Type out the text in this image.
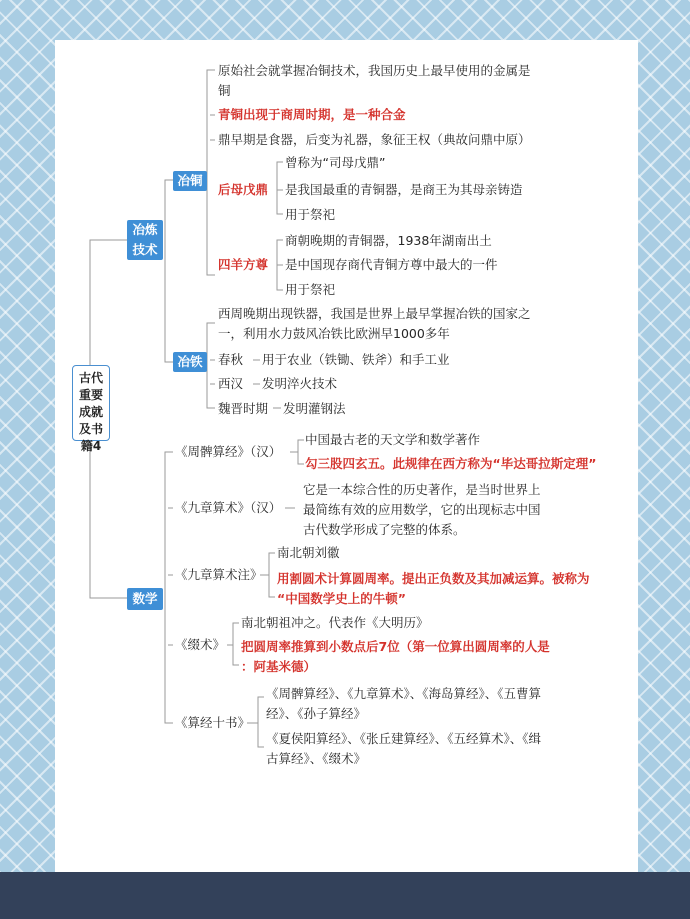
古代重要成就及书籍4
冶炼技术
数学
冶铜
原始社会就掌握冶铜技术，我国历史上最早使用的金属是
铜
青铜出现于商周时期，是一种合金
鼎早期是食器，后变为礼器，象征王权（典故问鼎中原）
后母戊鼎
曾称为“司母戊鼎”
是我国最重的青铜器，是商王为其母亲铸造
用于祭祀
四羊方尊
商朝晚期的青铜器，1938年湖南出土
是中国现存商代青铜方尊中最大的一件
用于祭祀
冶铁
西周晚期出现铁器，我国是世界上最早掌握冶铁的国家之
一，利用水力鼓风冶铁比欧洲早1000多年
春秋 用于农业（铁锄、铁斧）和手工业
西汉 发明淬火技术
魏晋时期 发明灌钢法
《周髀算经》（汉）
中国最古老的天文学和数学著作
勾三股四玄五。此规律在西方称为“毕达哥拉斯定理”
《九章算术》（汉）
它是一本综合性的历史著作，是当时世界上
最简练有效的应用数学，它的出现标志中国
古代数学形成了完整的体系。
《九章算术注》
南北朝刘徽
用割圆术计算圆周率。提出正负数及其加减运算。被称为
“中国数学史上的牛顿”
《缀术》
南北朝祖冲之。代表作《大明历》
把圆周率推算到小数点后7位（第一位算出圆周率的人是
：阿基米德）
《算经十书》
《周髀算经》、《九章算术》、《海岛算经》、《五曹算
经》、《孙子算经》
《夏侯阳算经》、《张丘建算经》、《五经算术》、《缉
古算经》、《缀术》
